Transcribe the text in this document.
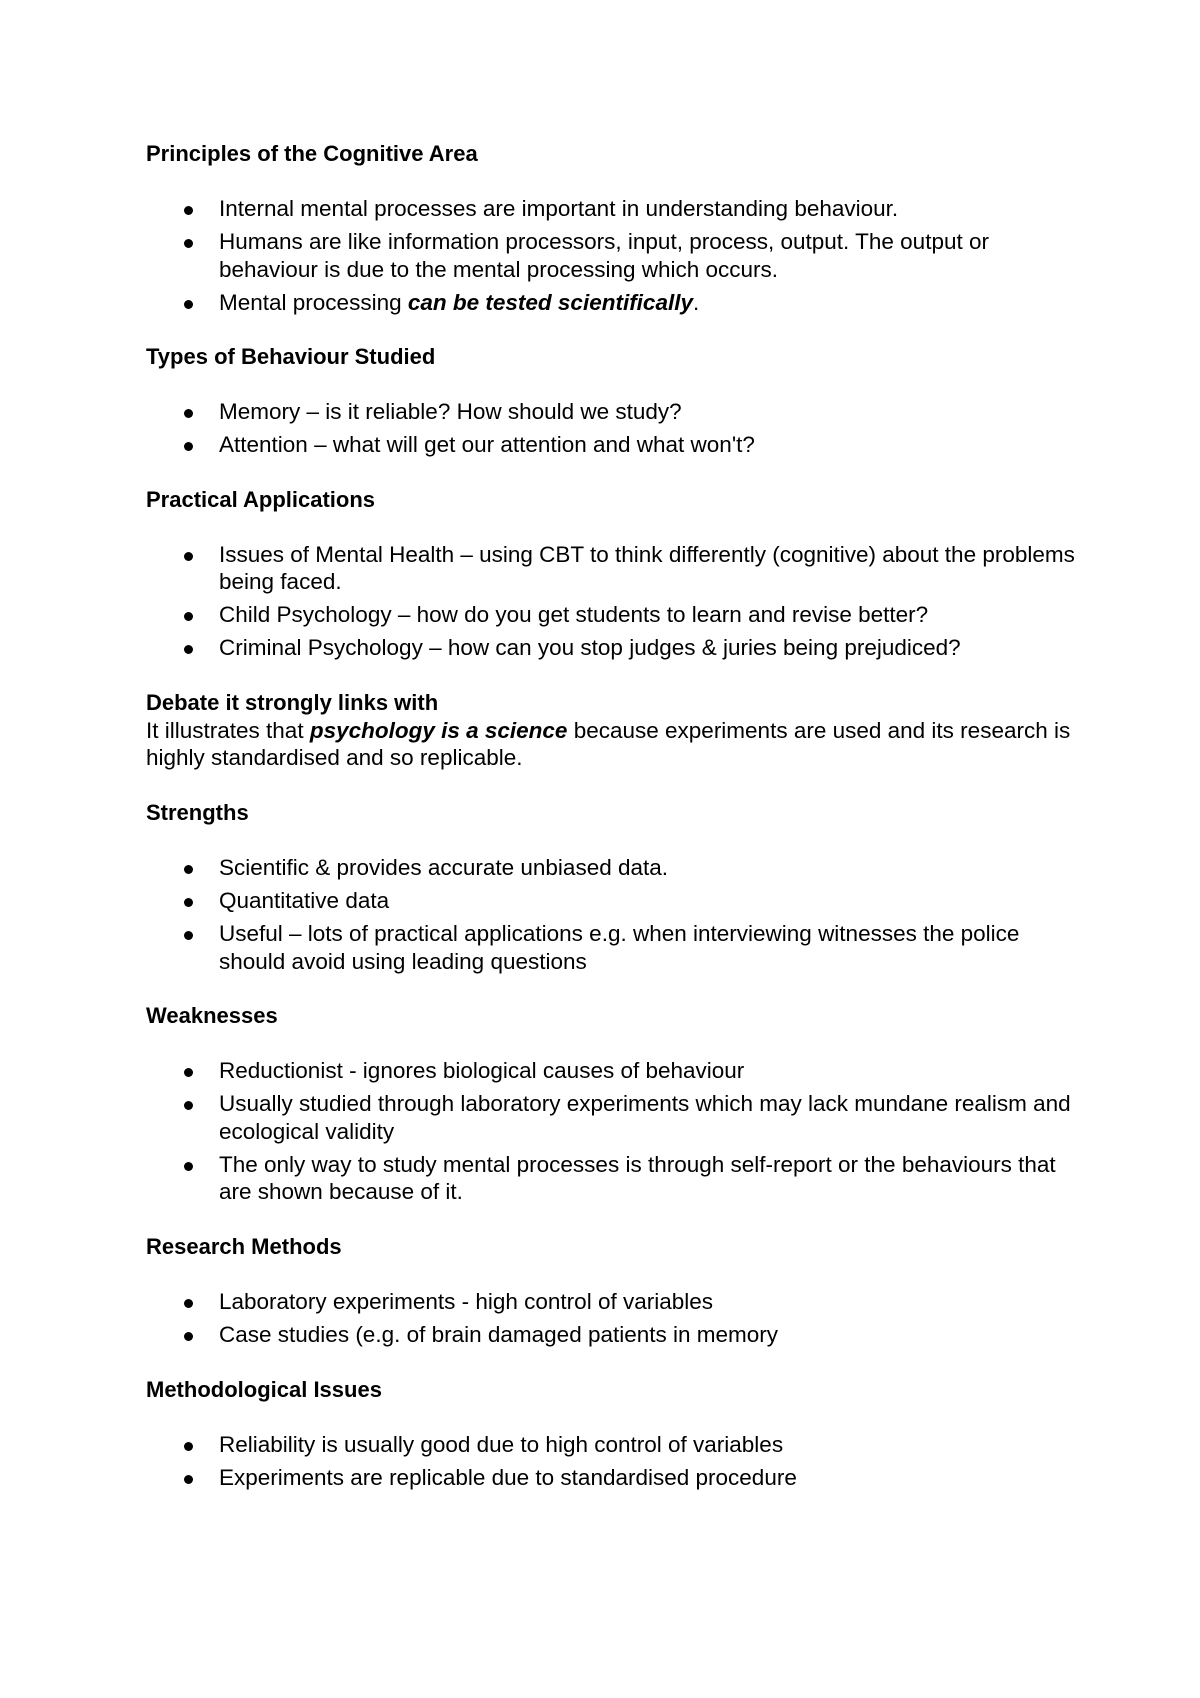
Principles of the Cognitive Area

Internal mental processes are important in understanding behaviour.
Humans are like information processors, input, process, output. The output or behaviour is due to the mental processing which occurs.
Mental processing can be tested scientifically.

Types of Behaviour Studied

Memory – is it reliable? How should we study?
Attention – what will get our attention and what won't?

Practical Applications

Issues of Mental Health – using CBT to think differently (cognitive) about the problems being faced.
Child Psychology – how do you get students to learn and revise better?
Criminal Psychology – how can you stop judges & juries being prejudiced?

Debate it strongly links with

It illustrates that psychology is a science because experiments are used and its research is highly standardised and so replicable.

Strengths

Scientific & provides accurate unbiased data.
Quantitative data
Useful – lots of practical applications e.g. when interviewing witnesses the police should avoid using leading questions

Weaknesses

Reductionist - ignores biological causes of behaviour
Usually studied through laboratory experiments which may lack mundane realism and ecological validity
The only way to study mental processes is through self-report or the behaviours that are shown because of it.

Research Methods

Laboratory experiments - high control of variables
Case studies (e.g. of brain damaged patients in memory

Methodological Issues

Reliability is usually good due to high control of variables
Experiments are replicable due to standardised procedure
